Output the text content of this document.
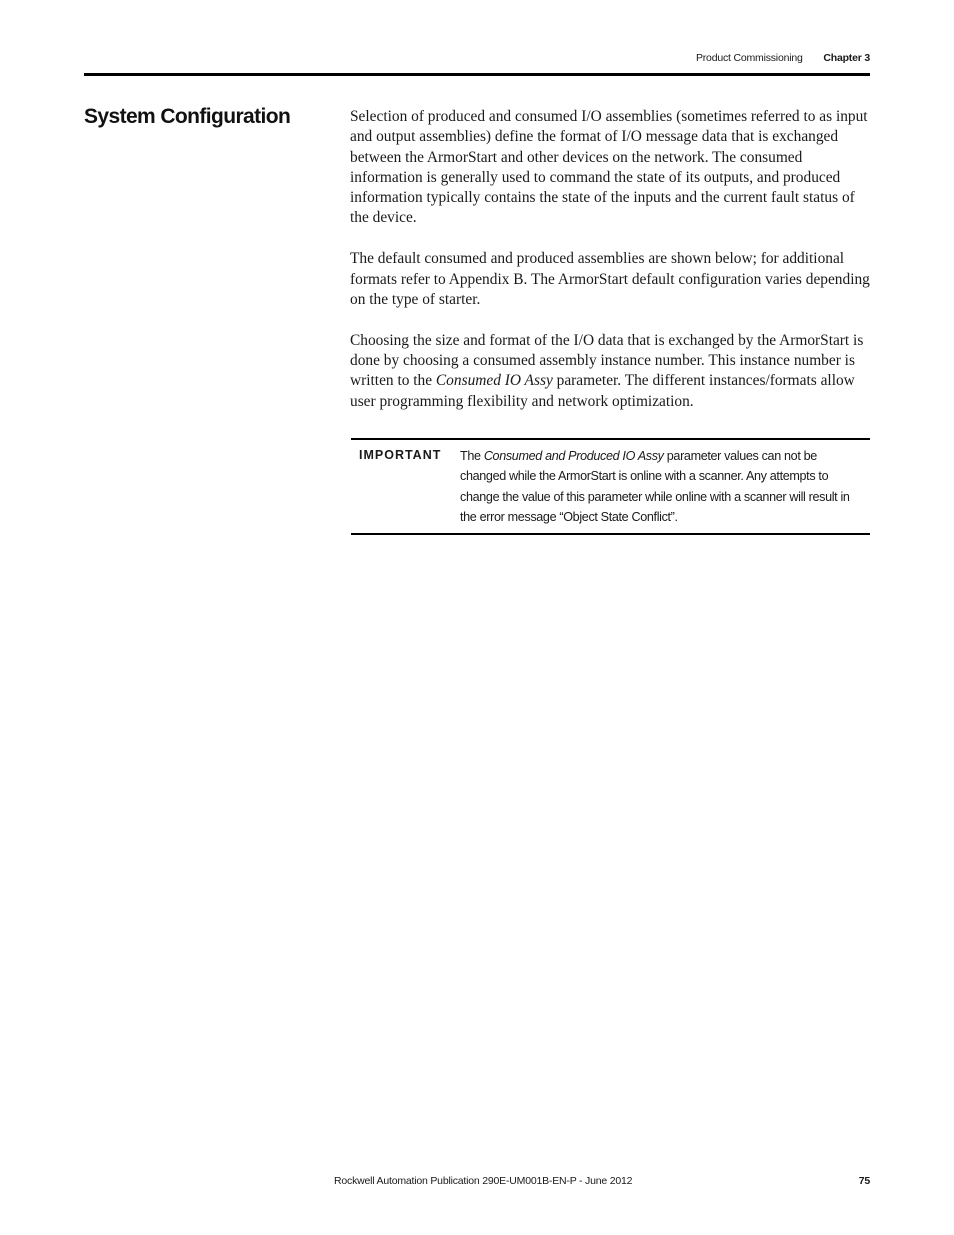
Product Commissioning Chapter 3
System Configuration	Selection of produced and consumed I/O assemblies (sometimes referred to as input and output assemblies) define the format of I/O message data that is exchanged between the ArmorStart and other devices on the network. The consumed information is generally used to command the state of its outputs, and produced information typically contains the state of the inputs and the current fault status of the device.

The default consumed and produced assemblies are shown below; for additional formats refer to Appendix B. The ArmorStart default configuration varies depending on the type of starter.

Choosing the size and format of the I/O data that is exchanged by the ArmorStart is done by choosing a consumed assembly instance number. This instance number is written to the Consumed IO Assy parameter. The different instances/formats allow user programming flexibility and network optimization.

IMPORTANT The Consumed and Produced IO Assy parameter values can not be changed while the ArmorStart is online with a scanner. Any attempts to change the value of this parameter while online with a scanner will result in the error message “Object State Conflict”.
Rockwell Automation Publication 290E-UM001B-EN-P - June 2012	75
